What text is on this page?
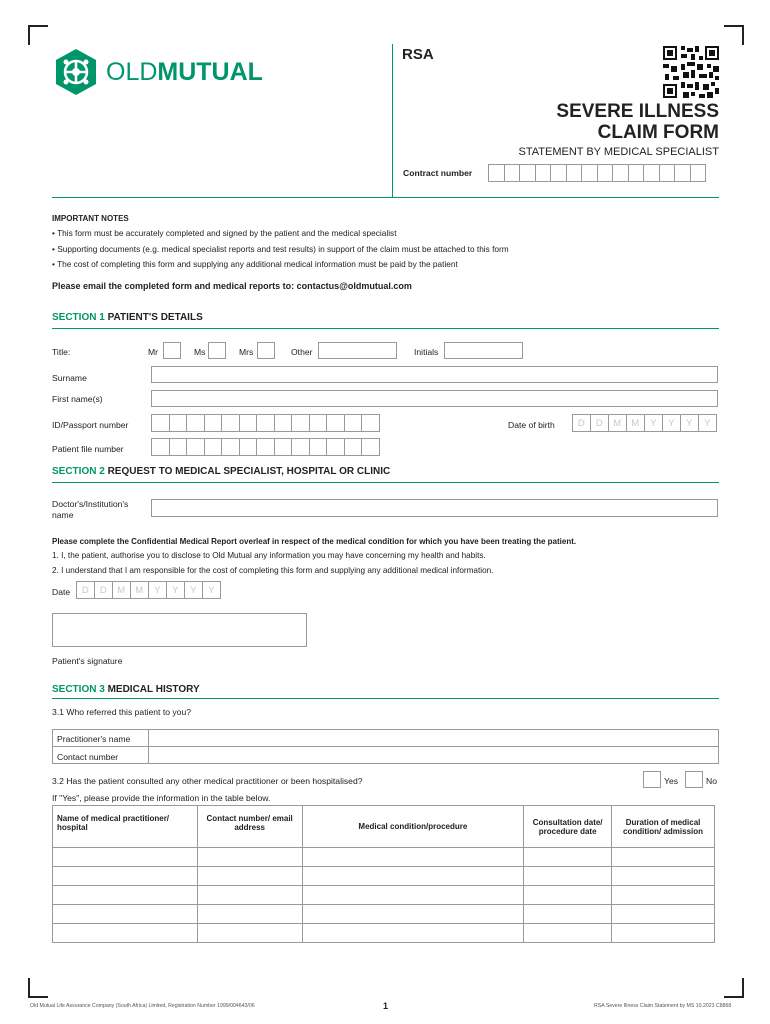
OLDMUTUAL
RSA
SEVERE ILLNESS
CLAIM FORM
STATEMENT BY MEDICAL SPECIALIST
Contract number
IMPORTANT NOTES
• This form must be accurately completed and signed by the patient and the medical specialist
• Supporting documents (e.g. medical specialist reports and test results) in support of the claim must be attached to this form
• The cost of completing this form and supplying any additional medical information must be paid by the patient
Please email the completed form and medical reports to: contactus@oldmutual.com
SECTION 1 PATIENT'S DETAILS
Title:	Mr	Ms	Mrs	Other	Initials
Surname
First name(s)
ID/Passport number	Date of birth	D	D	M	M	Y	Y	Y	Y
Patient file number
SECTION 2 REQUEST TO MEDICAL SPECIALIST, HOSPITAL OR CLINIC
Doctor's/Institution's
name
Please complete the Confidential Medical Report overleaf in respect of the medical condition for which you have been treating the patient.
1. I, the patient, authorise you to disclose to Old Mutual any information you may have concerning my health and habits.
2. I understand that I am responsible for the cost of completing this form and supplying any additional medical information.
Date	D	D	M	M	Y	Y	Y	Y
Patient's signature
SECTION 3 MEDICAL HISTORY
3.1 Who referred this patient to you?
Practitioner's name
Contact number
3.2 Has the patient consulted any other medical practitioner or been hospitalised?	Yes	No
If "Yes", please provide the information in the table below.
Name of medical practitioner/ hospital	Contact number/ email address	Medical condition/procedure	Consultation date/ procedure date	Duration of medical condition/ admission

Old Mutual Life Assurance Company (South Africa) Limited, Registration Number 1999/004643/06	1	RSA Severe Illness Claim Statement by MS 10.2023 C8868
